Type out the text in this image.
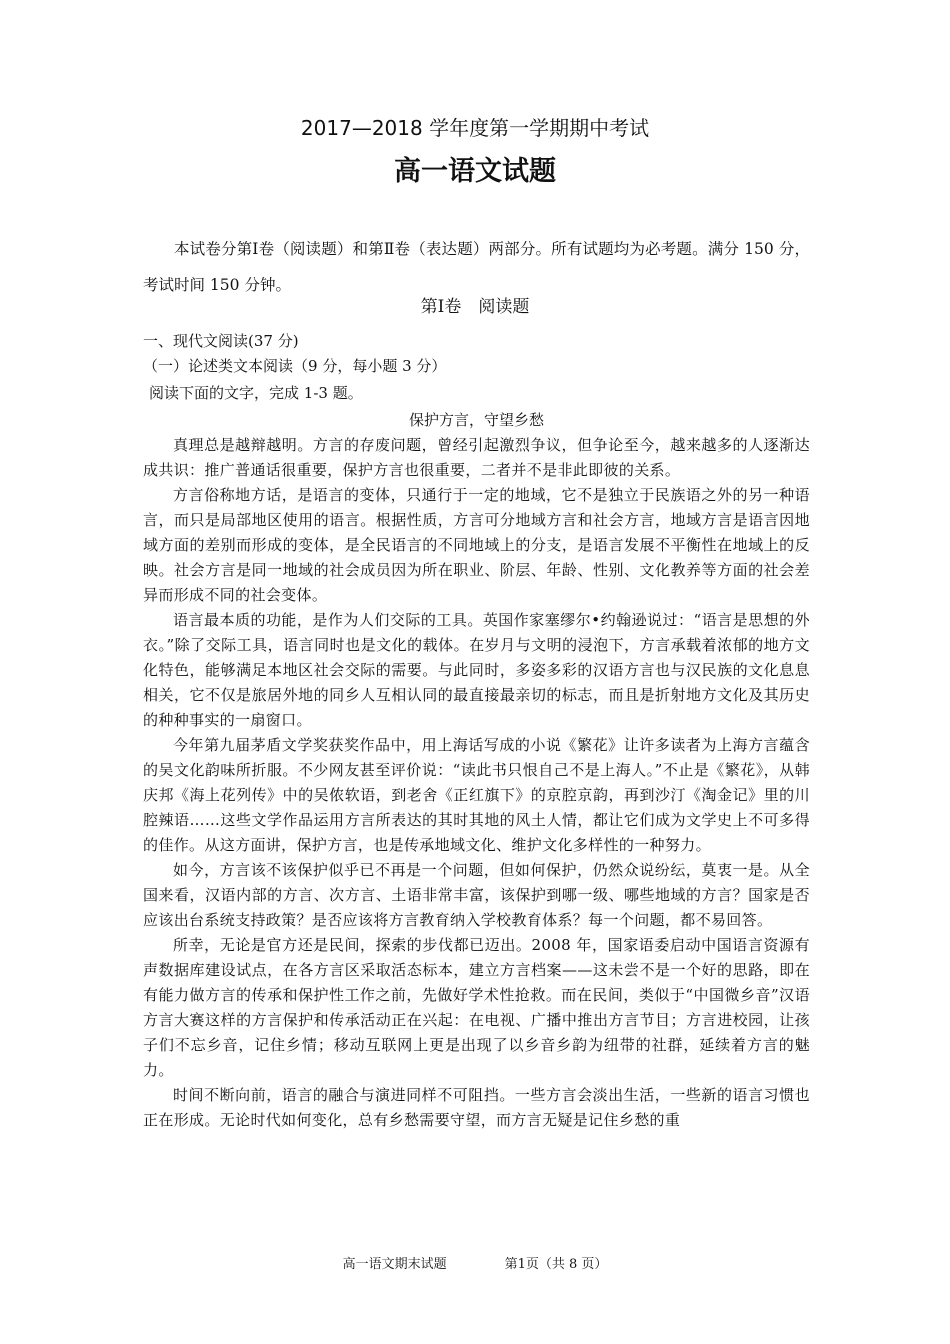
2017—2018 学年度第一学期期中考试
高一语文试题
本试卷分第Ⅰ卷（阅读题）和第Ⅱ卷（表达题）两部分。所有试题均为必考题。满分 150 分，考试时间 150 分钟。
第Ⅰ卷　阅读题
一、现代文阅读(37 分)
（一）论述类文本阅读（9 分，每小题 3 分）
阅读下面的文字，完成 1-3 题。
保护方言，守望乡愁

真理总是越辩越明。方言的存废问题，曾经引起激烈争议，但争论至今，越来越多的人逐渐达成共识：推广普通话很重要，保护方言也很重要，二者并不是非此即彼的关系。

方言俗称地方话，是语言的变体，只通行于一定的地域，它不是独立于民族语之外的另一种语言，而只是局部地区使用的语言。根据性质，方言可分地域方言和社会方言，地域方言是语言因地域方面的差别而形成的变体，是全民语言的不同地域上的分支，是语言发展不平衡性在地域上的反映。社会方言是同一地域的社会成员因为所在职业、阶层、年龄、性别、文化教养等方面的社会差异而形成不同的社会变体。

语言最本质的功能，是作为人们交际的工具。英国作家塞缪尔•约翰逊说过：“语言是思想的外衣。”除了交际工具，语言同时也是文化的载体。在岁月与文明的浸泡下，方言承载着浓郁的地方文化特色，能够满足本地区社会交际的需要。与此同时，多姿多彩的汉语方言也与汉民族的文化息息相关，它不仅是旅居外地的同乡人互相认同的最直接最亲切的标志，而且是折射地方文化及其历史的种种事实的一扇窗口。

今年第九届茅盾文学奖获奖作品中，用上海话写成的小说《繁花》让许多读者为上海方言蕴含的吴文化韵味所折服。不少网友甚至评价说：“读此书只恨自己不是上海人。”不止是《繁花》，从韩庆邦《海上花列传》中的吴侬软语，到老舍《正红旗下》的京腔京韵，再到沙汀《淘金记》里的川腔辣语……这些文学作品运用方言所表达的其时其地的风土人情，都让它们成为文学史上不可多得的佳作。从这方面讲，保护方言，也是传承地域文化、维护文化多样性的一种努力。

如今，方言该不该保护似乎已不再是一个问题，但如何保护，仍然众说纷纭，莫衷一是。从全国来看，汉语内部的方言、次方言、土语非常丰富，该保护到哪一级、哪些地域的方言？国家是否应该出台系统支持政策？是否应该将方言教育纳入学校教育体系？每一个问题，都不易回答。

所幸，无论是官方还是民间，探索的步伐都已迈出。2008 年，国家语委启动中国语言资源有声数据库建设试点，在各方言区采取活态标本，建立方言档案——这未尝不是一个好的思路，即在有能力做方言的传承和保护性工作之前，先做好学术性抢救。而在民间，类似于“中国微乡音”汉语方言大赛这样的方言保护和传承活动正在兴起：在电视、广播中推出方言节目；方言进校园，让孩子们不忘乡音，记住乡情；移动互联网上更是出现了以乡音乡韵为纽带的社群，延续着方言的魅力。

时间不断向前，语言的融合与演进同样不可阻挡。一些方言会淡出生活，一些新的语言习惯也正在形成。无论时代如何变化，总有乡愁需要守望，而方言无疑是记住乡愁的重

高一语文期末试题	第1页（共 8 页）
